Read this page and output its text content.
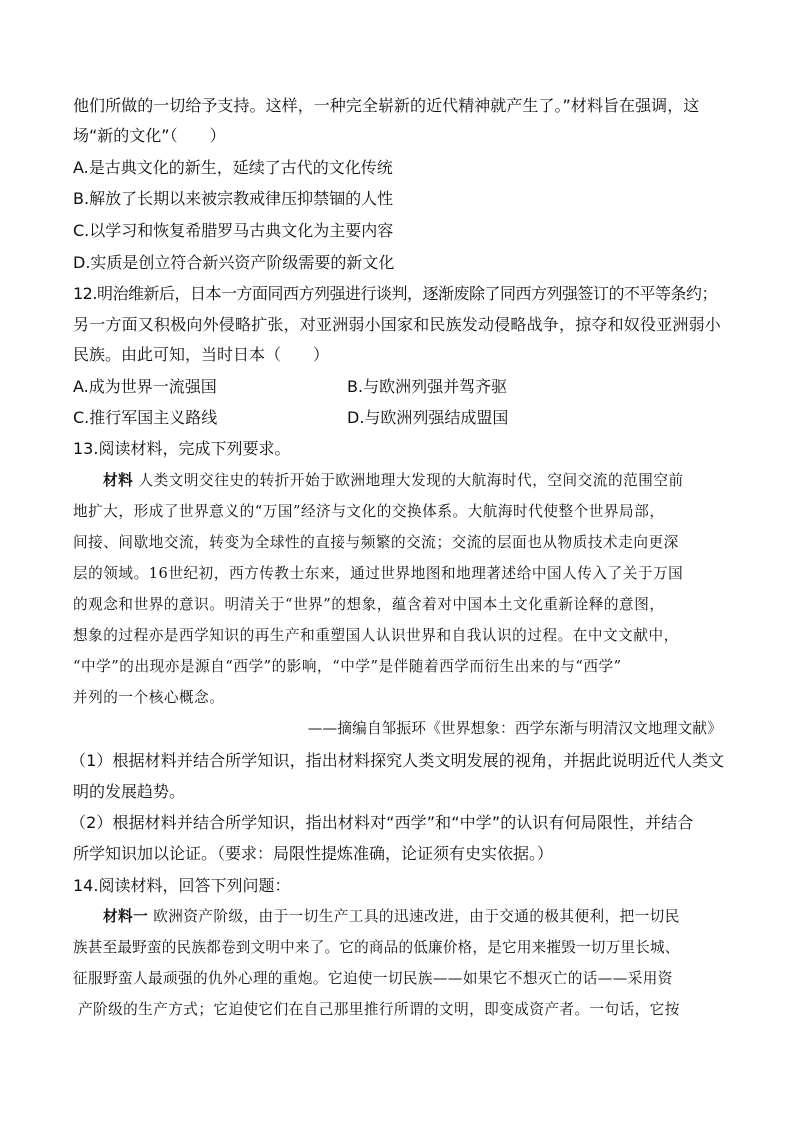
他们所做的一切给予支持。这样，一种完全崭新的近代精神就产生了。”材料旨在强调，这

场“新的文化”（　　）

A.是古典文化的新生，延续了古代的文化传统

B.解放了长期以来被宗教戒律压抑禁锢的人性

C.以学习和恢复希腊罗马古典文化为主要内容

D.实质是创立符合新兴资产阶级需要的新文化

12.明治维新后，日本一方面同西方列强进行谈判，逐渐废除了同西方列强签订的不平等条约；

另一方面又积极向外侵略扩张，对亚洲弱小国家和民族发动侵略战争，掠夺和奴役亚洲弱小

民族。由此可知，当时日本（　　）

A.成为世界一流强国	B.与欧洲列强并驾齐驱
C.推行军国主义路线	D.与欧洲列强结成盟国

13.阅读材料，完成下列要求。

材料 人类文明交往史的转折开始于欧洲地理大发现的大航海时代，空间交流的范围空前

地扩大，形成了世界意义的“万国”经济与文化的交换体系。大航海时代使整个世界局部，

间接、间歇地交流，转变为全球性的直接与频繁的交流；交流的层面也从物质技术走向更深

层的领域。16世纪初，西方传教士东来，通过世界地图和地理著述给中国人传入了关于万国

的观念和世界的意识。明清关于“世界”的想象，蕴含着对中国本土文化重新诠释的意图，

想象的过程亦是西学知识的再生产和重塑国人认识世界和自我认识的过程。在中文文献中，

“中学”的出现亦是源自“西学”的影响，“中学”是伴随着西学而衍生出来的与“西学”

并列的一个核心概念。

——摘编自邹振环《世界想象：西学东渐与明清汉文地理文献》

（1）根据材料并结合所学知识，指出材料探究人类文明发展的视角，并据此说明近代人类文

明的发展趋势。

（2）根据材料并结合所学知识，指出材料对“西学”和“中学”的认识有何局限性，并结合

所学知识加以论证。（要求：局限性提炼准确，论证须有史实依据。）

14.阅读材料，回答下列问题：

材料一 欧洲资产阶级，由于一切生产工具的迅速改进，由于交通的极其便利，把一切民

族甚至最野蛮的民族都卷到文明中来了。它的商品的低廉价格，是它用来摧毁一切万里长城、

征服野蛮人最顽强的仇外心理的重炮。它迫使一切民族——如果它不想灭亡的话——采用资

产阶级的生产方式；它迫使它们在自己那里推行所谓的文明，即变成资产者。一句话，它按
